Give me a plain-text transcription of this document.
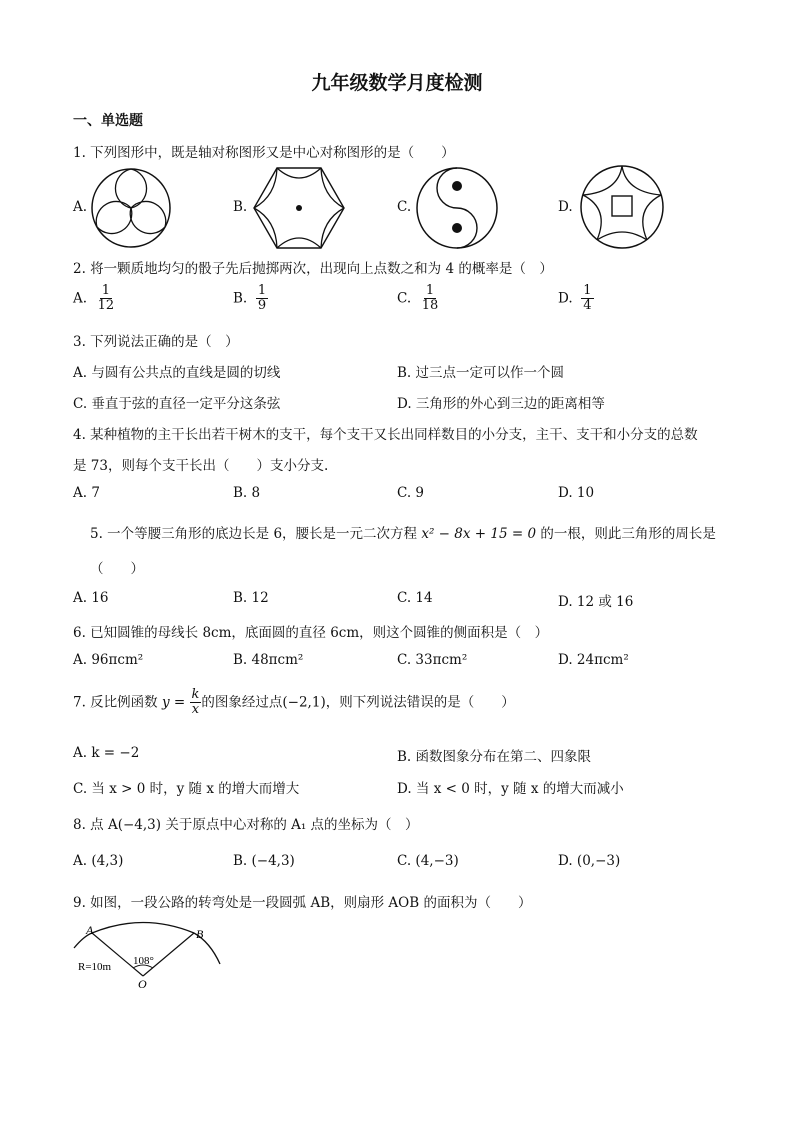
九年级数学月度检测
一、单选题
1. 下列图形中，既是轴对称图形又是中心对称图形的是（　　）
A.	B.	C.	D.
2. 将一颗质地均匀的骰子先后抛掷两次，出现向上点数之和为 4 的概率是（　）
A. $\frac{1}{12}$	B. $\frac{1}{9}$	C. $\frac{1}{18}$	D. $\frac{1}{4}$
3. 下列说法正确的是（　）
A. 与圆有公共点的直线是圆的切线	B. 过三点一定可以作一个圆
C. 垂直于弦的直径一定平分这条弦	D. 三角形的外心到三边的距离相等
4. 某种植物的主干长出若干树木的支干，每个支干又长出同样数目的小分支，主干、支干和小分支的总数
是 73，则每个支干长出（　　）支小分支.
A. 7	B. 8	C. 9	D. 10
5. 一个等腰三角形的底边长是 6，腰长是一元二次方程 x² − 8x + 15 = 0 的一根，则此三角形的周长是
（　　）
A. 16	B. 12	C. 14	D. 12 或 16
6. 已知圆锥的母线长 8cm，底面圆的直径 6cm，则这个圆锥的侧面积是（　）
A. 96πcm²	B. 48πcm²	C. 33πcm²	D. 24πcm²
7. 反比例函数 $y = \frac{k}{x}$ 的图象经过点(−2,1)，则下列说法错误的是（　　）
A. k = −2	B. 函数图象分布在第二、四象限
C. 当 x > 0 时，y 随 x 的增大而增大	D. 当 x < 0 时，y 随 x 的增大而减小
8. 点 A(−4,3) 关于原点中心对称的 A₁ 点的坐标为（　）
A. (4,3)	B. (−4,3)	C. (4,−3)	D. (0,−3)
9. 如图，一段公路的转弯处是一段圆弧 AB，则扇形 AOB 的面积为（　　）
A	B
108°
R=10m
O
